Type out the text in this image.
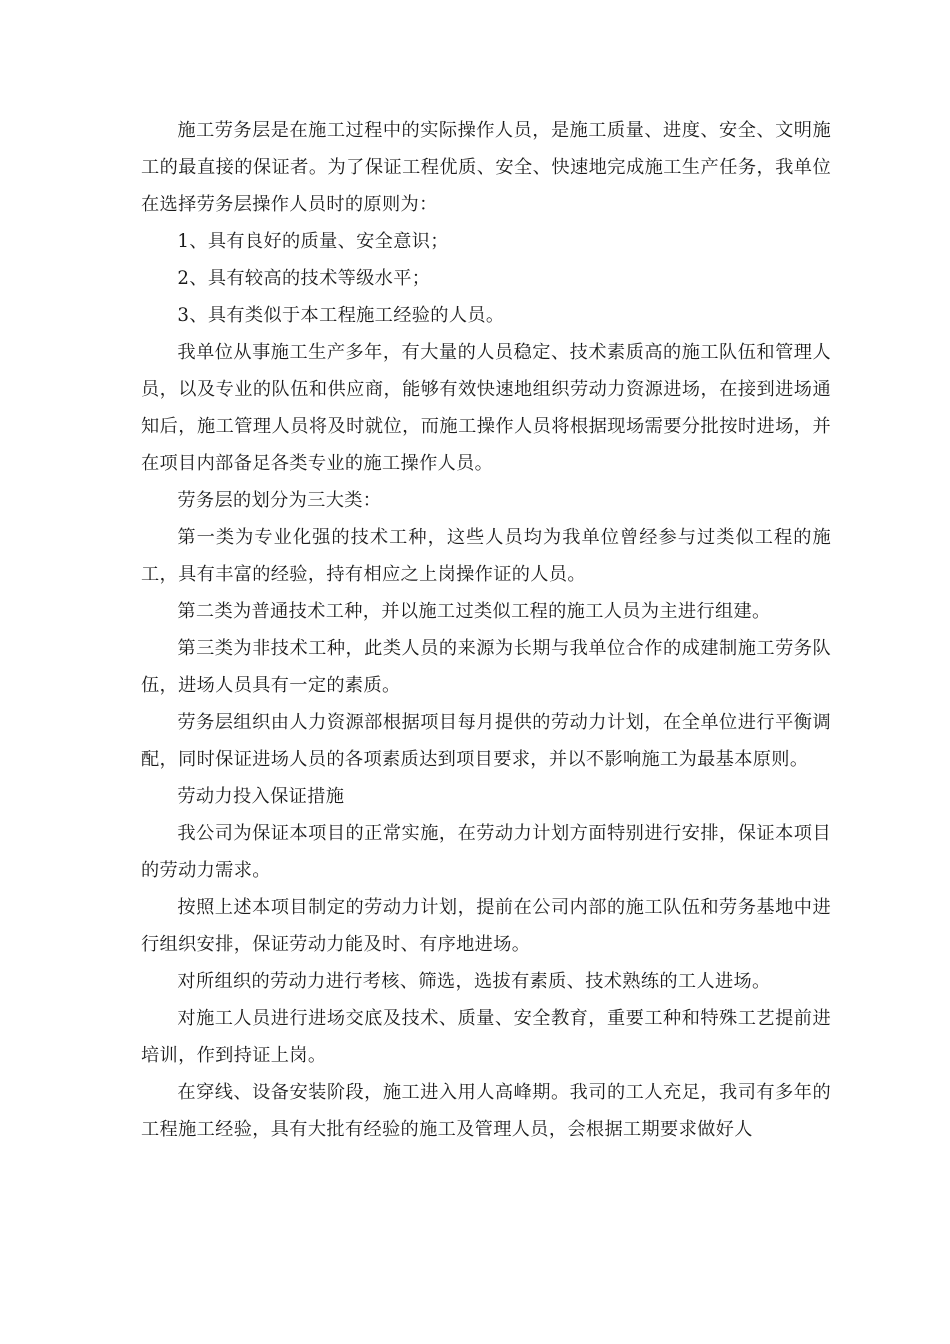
施工劳务层是在施工过程中的实际操作人员，是施工质量、进度、安全、文明施工的最直接的保证者。为了保证工程优质、安全、快速地完成施工生产任务，我单位在选择劳务层操作人员时的原则为：

1、具有良好的质量、安全意识；

2、具有较高的技术等级水平；

3、具有类似于本工程施工经验的人员。

我单位从事施工生产多年，有大量的人员稳定、技术素质高的施工队伍和管理人员，以及专业的队伍和供应商，能够有效快速地组织劳动力资源进场，在接到进场通知后，施工管理人员将及时就位，而施工操作人员将根据现场需要分批按时进场，并在项目内部备足各类专业的施工操作人员。

劳务层的划分为三大类：

第一类为专业化强的技术工种，这些人员均为我单位曾经参与过类似工程的施工，具有丰富的经验，持有相应之上岗操作证的人员。

第二类为普通技术工种，并以施工过类似工程的施工人员为主进行组建。

第三类为非技术工种，此类人员的来源为长期与我单位合作的成建制施工劳务队伍，进场人员具有一定的素质。

劳务层组织由人力资源部根据项目每月提供的劳动力计划，在全单位进行平衡调配，同时保证进场人员的各项素质达到项目要求，并以不影响施工为最基本原则。

劳动力投入保证措施

我公司为保证本项目的正常实施，在劳动力计划方面特别进行安排，保证本项目的劳动力需求。

按照上述本项目制定的劳动力计划，提前在公司内部的施工队伍和劳务基地中进行组织安排，保证劳动力能及时、有序地进场。

对所组织的劳动力进行考核、筛选，选拔有素质、技术熟练的工人进场。

对施工人员进行进场交底及技术、质量、安全教育，重要工种和特殊工艺提前进培训，作到持证上岗。

在穿线、设备安装阶段，施工进入用人高峰期。我司的工人充足，我司有多年的工程施工经验，具有大批有经验的施工及管理人员，会根据工期要求做好人
